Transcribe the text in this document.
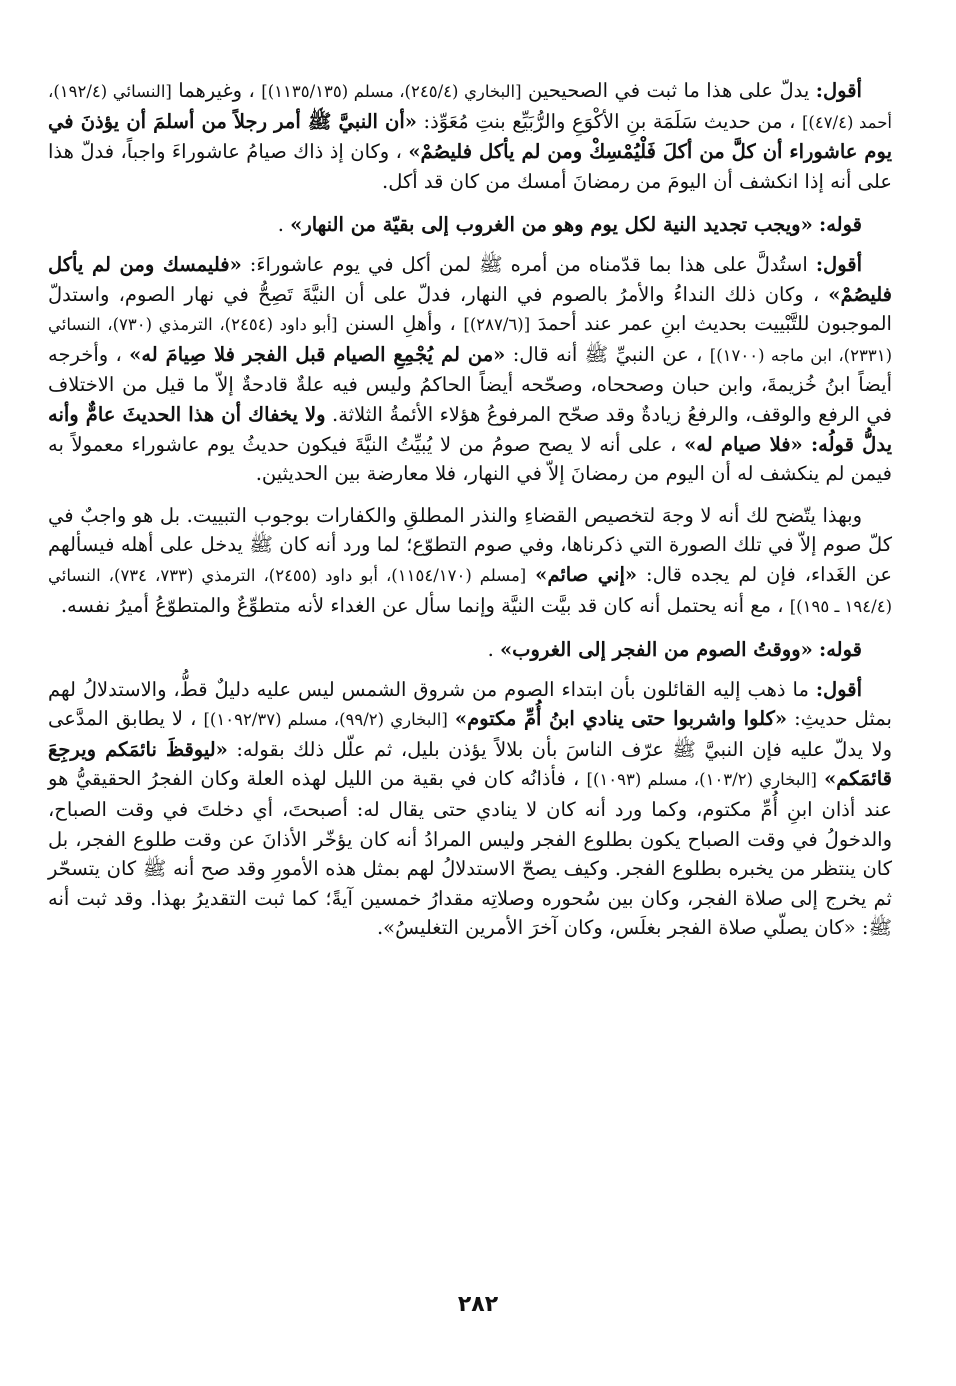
أقول: يدلّ على هذا ما ثبت في الصحيحين [البخاري (٢٤٥/٤)، مسلم (١١٣٥/١٣٥)] ، وغيرهما [النسائي (١٩٢/٤)، أحمد (٤٧/٤)] ، من حديث سَلَمَة بنِ الأكْوَعِ والرُّبَيِّع بنتِ مُعَوِّذ: «أن النبيَّ ﷺ أمر رجلاً من أسلمَ أن يؤذنَ في يوم عاشوراء أن كلَّ من أكلَ فَلْيُمْسِكْ ومن لم يأكل فليصُمْ» ، وكان إذ ذاك صيامُ عاشوراءَ واجباً، فدلّ هذا على أنه إذا انكشف أن اليومَ من رمضانَ أمسك من كان قد أكل.

قوله: «ويجب تجديد النية لكل يوم وهو من الغروب إلى بقيّة من النهار» .

أقول: استُدلَّ على هذا بما قدّمناه من أمره ﷺ لمن أكل في يوم عاشوراءَ: «فليمسك ومن لم يأكل فليصُمْ» ، وكان ذلك النداءُ والأمرُ بالصوم في النهار، فدلّ على أن النيَّةَ تَصِحُّ في نهار الصوم، واستدلّ الموجبون للتَّبْييت بحديث ابنِ عمر عند أحمدَ [(٢٨٧/٦)] ، وأهلِ السنن [أبو داود (٢٤٥٤)، الترمذي (٧٣٠)، النسائي (٢٣٣١)، ابن ماجه (١٧٠٠)] ، عن النبيِّ ﷺ أنه قال: «من لم يُجْمِعِ الصيام قبل الفجر فلا صِيامَ له» ، وأخرجه أيضاً ابنُ خُزيمةَ، وابن حبان وصححاه، وصحّحه أيضاً الحاكمُ وليس فيه علةٌ قادحةٌ إلاّ ما قيل من الاختلاف في الرفع والوقف، والرفعُ زيادةٌ وقد صحّح المرفوعُ هؤلاء الأئمةُ الثلاثة. ولا يخفاك أن هذا الحديثَ عامٌّ وأنه يدلُّ قولُه: «فلا صيام له» ، على أنه لا يصح صومُ من لا يُبيِّتُ النيَّةَ فيكون حديثُ يوم عاشوراء معمولاً به فيمن لم ينكشف له أن اليوم من رمضانَ إلاّ في النهار، فلا معارضة بين الحديثين.

وبهذا يتّضح لك أنه لا وجهَ لتخصيص القضاءِ والنذر المطلقِ والكفارات بوجوب التبييت. بل هو واجبٌ في كلّ صوم إلاّ في تلك الصورة التي ذكرناها، وفي صوم التطوّع؛ لما ورد أنه كان ﷺ يدخل على أهله فيسألهم عن الغَداء، فإن لم يجده قال: «إني صائم» [مسلم (١١٥٤/١٧٠)، أبو داود (٢٤٥٥)، الترمذي (٧٣٣، ٧٣٤)، النسائي (١٩٤/٤ ـ ١٩٥)] ، مع أنه يحتمل أنه كان قد بيَّت النيَّة وإنما سأل عن الغداء لأنه متطوِّعٌ والمتطوّعُ أميرُ نفسه.

قوله: «ووقتُ الصوم من الفجر إلى الغروب» .

أقول: ما ذهب إليه القائلون بأن ابتداء الصوم من شروق الشمس ليس عليه دليلٌ قطُّ، والاستدلالُ لهم بمثل حديثِ: «كلوا واشربوا حتى ينادي ابنُ أُمِّ مكتوم» [البخاري (٩٩/٢)، مسلم (١٠٩٢/٣٧)] ، لا يطابق المدَّعى ولا يدلّ عليه فإن النبيَّ ﷺ عرّف الناسَ بأن بلالاً يؤذن بليل، ثم علّل ذلك بقوله: «ليوقظَ نائمَكم ويرجِعَ قائمَكم» [البخاري (١٠٣/٢)، مسلم (١٠٩٣)] ، فأذانُه كان في بقية من الليل لهذه العلة وكان الفجرُ الحقيقيُّ هو عند أذان ابنِ أُمِّ مكتوم، وكما ورد أنه كان لا ينادي حتى يقال له: أصبحتَ، أي دخلتَ في وقت الصباح، والدخولُ في وقت الصباح يكون بطلوع الفجر وليس المرادُ أنه كان يؤخّر الأذانَ عن وقت طلوع الفجر، بل كان ينتظر من يخبره بطلوع الفجر. وكيف يصحّ الاستدلالُ لهم بمثل هذه الأمورِ وقد صح أنه ﷺ كان يتسحّر ثم يخرج إلى صلاة الفجر، وكان بين سُحوره وصلاتِه مقدارُ خمسين آيةً؛ كما ثبت التقديرُ بهذا. وقد ثبت أنه ﷺ: «كان يصلّي صلاة الفجر بغلَس، وكان آخرَ الأمرين التغليسُ».

٢٨٢
